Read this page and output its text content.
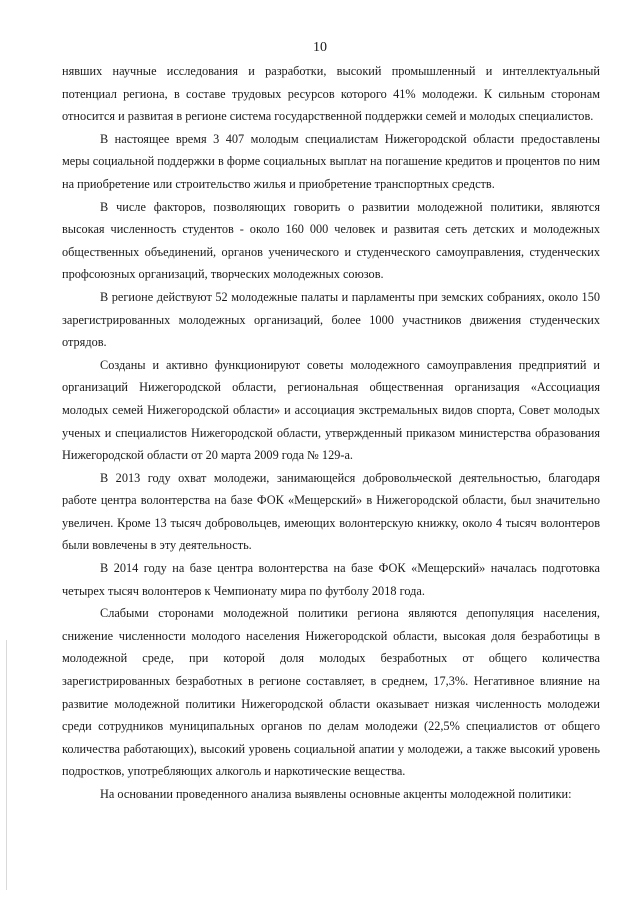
10

нявших научные исследования и разработки, высокий промышленный и интеллектуальный потенциал региона, в составе трудовых ресурсов которого 41% молодежи. К сильным сторонам относится и развитая в регионе система государственной поддержки семей и молодых специалистов.

В настоящее время 3 407 молодым специалистам Нижегородской области предоставлены меры социальной поддержки в форме социальных выплат на погашение кредитов и процентов по ним на приобретение или строительство жилья и приобретение транспортных средств.

В числе факторов, позволяющих говорить о развитии молодежной политики, являются высокая численность студентов - около 160 000 человек и развитая сеть детских и молодежных общественных объединений, органов ученического и студенческого самоуправления, студенческих профсоюзных организаций, творческих молодежных союзов.

В регионе действуют 52 молодежные палаты и парламенты при земских собраниях, около 150 зарегистрированных молодежных организаций, более 1000 участников движения студенческих отрядов.

Созданы и активно функционируют советы молодежного самоуправления предприятий и организаций Нижегородской области, региональная общественная организация «Ассоциация молодых семей Нижегородской области» и ассоциация экстремальных видов спорта, Совет молодых ученых и специалистов Нижегородской области, утвержденный приказом министерства образования Нижегородской области от 20 марта 2009 года № 129-а.

В 2013 году охват молодежи, занимающейся добровольческой деятельностью, благодаря работе центра волонтерства на базе ФОК «Мещерский» в Нижегородской области, был значительно увеличен. Кроме 13 тысяч добровольцев, имеющих волонтерскую книжку, около 4 тысяч волонтеров были вовлечены в эту деятельность.

В 2014 году на базе центра волонтерства на базе ФОК «Мещерский» началась подготовка четырех тысяч волонтеров к Чемпионату мира по футболу 2018 года.

Слабыми сторонами молодежной политики региона являются депопуляция населения, снижение численности молодого населения Нижегородской области, высокая доля безработицы в молодежной среде, при которой доля молодых безработных от общего количества зарегистрированных безработных в регионе составляет, в среднем, 17,3%. Негативное влияние на развитие молодежной политики Нижегородской области оказывает низкая численность молодежи среди сотрудников муниципальных органов по делам молодежи (22,5% специалистов от общего количества работающих), высокий уровень социальной апатии у молодежи, а также высокий уровень подростков, употребляющих алкоголь и наркотические вещества.

На основании проведенного анализа выявлены основные акценты молодежной политики:
